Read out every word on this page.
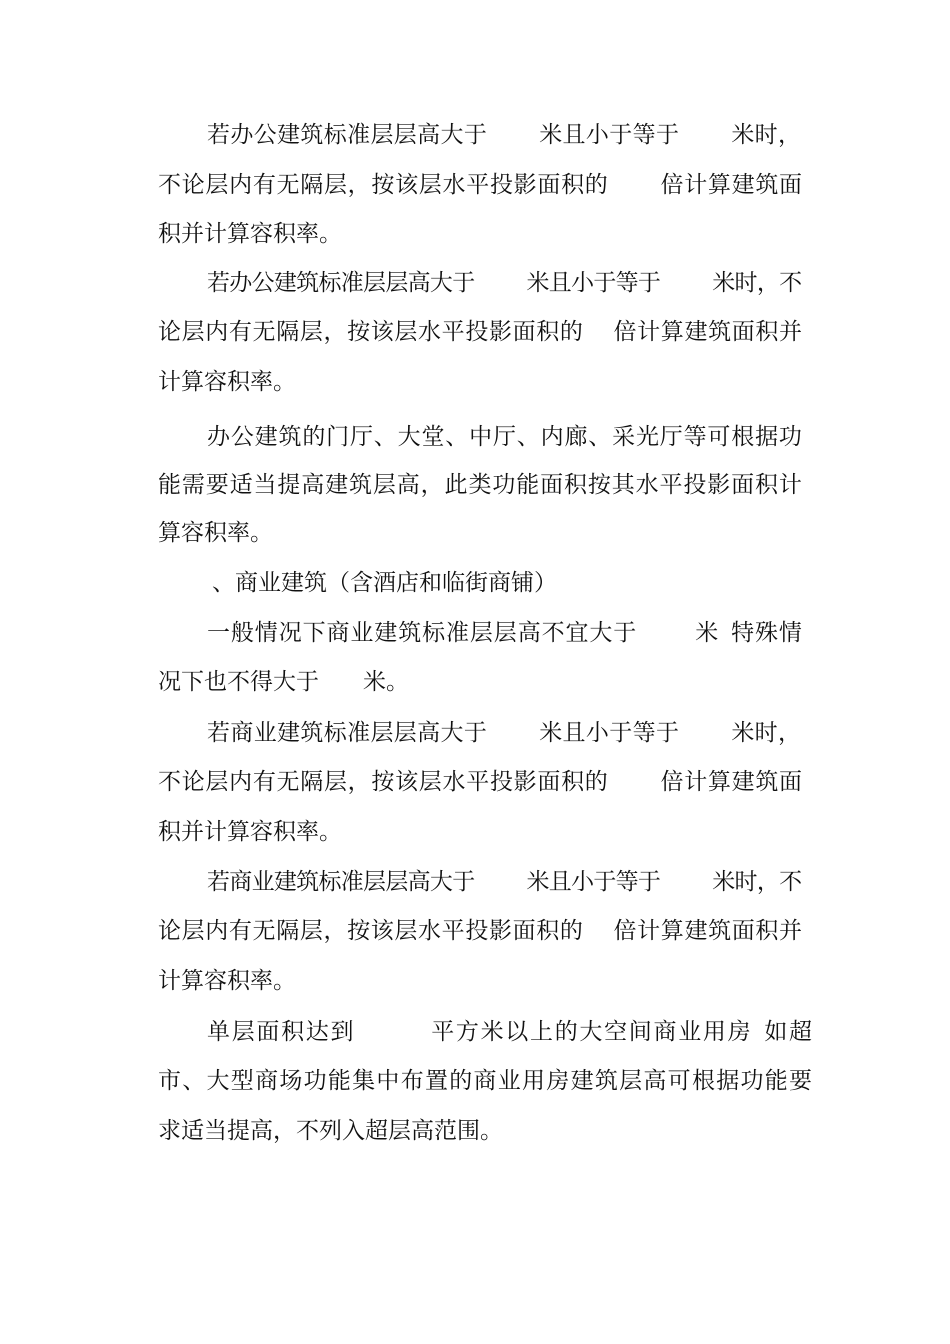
若办公建筑标准层层高大于 米且小于等于 米时，
不论层内有无隔层，按该层水平投影面积的 倍计算建筑面
积并计算容积率。
若办公建筑标准层层高大于 米且小于等于 米时，不
论层内有无隔层，按该层水平投影面积的 倍计算建筑面积并
计算容积率。
办公建筑的门厅、大堂、中厅、内廊、采光厅等可根据功
能需要适当提高建筑层高，此类功能面积按其水平投影面积计
算容积率。
、商业建筑（含酒店和临街商铺）
一般情况下商业建筑标准层层高不宜大于	米 特殊情
况下也不得大于 米。
若商业建筑标准层层高大于 米且小于等于 米时，
不论层内有无隔层，按该层水平投影面积的 倍计算建筑面
积并计算容积率。
若商业建筑标准层层高大于 米且小于等于 米时，不
论层内有无隔层，按该层水平投影面积的 倍计算建筑面积并
计算容积率。
单层面积达到	平方米以上的大空间商业用房 如超
市、大型商场功能集中布置的商业用房建筑层高可根据功能要
求适当提高，不列入超层高范围。
